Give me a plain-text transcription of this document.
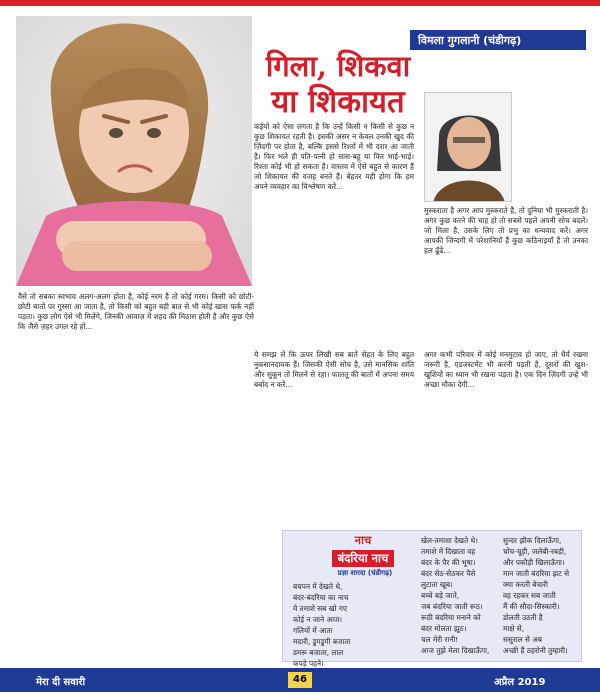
गिला, शिकवा
या शिकायत
विमला गुगलानी (चंडीगढ़)

कईयों को ऐसा लगता है कि उन्हें किसी न किसी से कुछ न कुछ शिकायत रहती है। इसकी असर न केवल उनकी खुद की ज़िंदगी पर होता है, बल्कि इससे रिश्तों में भी दरार आ जाती है। फिर भले ही पति-पत्नी हो सास-बहू या फिर भाई-भाई। रिश्ता कोई भी हो सकता है। वास्तव में ऐसे बहुत से कारण हैं जो शिकायत की वजह बनते हैं। बेहतर यही होगा कि हम अपने व्यवहार का विश्लेषण करें...

मुस्कराता है अगर आप मुस्कराते हैं, तो दुनिया भी मुस्कराती है। अगर कुछ करने की चाह हो तो सबसे पहले अपनी सोच बदलें। जो मिला है, उसके लिए तो प्रभु का धन्यवाद करें। अगर आपकी जिन्दगी में परेशानियाँ हैं कुछ कठिनाइयाँ हैं तो उनका हल ढूँढें...

वैसे तो सबका स्वभाव अलग-अलग होता है, कोई नरम है तो कोई गरम। किसी को छोटी-छोटी बातों पर गुस्सा आ जाता है, तो किसी को बहुत बड़ी बात से भी कोई खास फर्क नहीं पड़ता। कुछ लोग ऐसे भी मिलेंगे, जिनकी आवाज़ में शहद की मिठास होती है और कुछ ऐसे कि जैसे ज़हर उगल रहे हों...

ये समझ लें कि ऊपर लिखी सब बातें सेहत के लिए बहुत नुकसानदायक हैं। जिसकी ऐसी सोच है, उसे मानसिक शांति और सुकून तो मिलने से रहा। फालतू की बातों में अपना समय बर्बाद न करें...

अगर कभी परिवार में कोई मनमुटाव हो जाए, तो धैर्य रखना जरूरी है, एडजस्टमेंट भी करनी पड़ती है, दूसरों की खुश-खुशियों का ध्यान भी रखना पड़ता है। एक दिन ज़िंदगी उन्हें भी अच्छा मौका देगी...

नाच
बंदरिया नाच
प्रज्ञा शारदा (चंडीगढ़)
बचपन में देखते थे,
बंदर-बंदरिया का नाच
ये तमाशे सब खो गए
कोई न जाने आज।
गलियों में आता
मदारी, डुगडुगी बजाता
डमरू बजाता, लाल
कपड़े पहने।
खेल-तमाशा देखते थे।
तमाशे में दिखाता वह
बंदर के पैर की भूषा।
बंदर सेठ-सेठकर पैसे
लुटाता खूब।
बच्चे बड़े जाते,
जब बंदरिया जाती रूठ।
रूठी बंदरिया मनाने को
बंदर मोलता झूठ।
चल मेरी रानी!
आज तुझे मेला दिखाऊँगा,
सुन्दर झीक दिलाऊँगा,
चोंच-चूड़ी, जलेबी-रबड़ी,
और पकौड़ी खिलाऊँगा।
मान जाती बंदरिया झट से
क्या करती बेचारी
वह रहकर सब जाती
मैं की सौदा-सिस्कारी।
डोलती उठती है
माक्षे से,
ससुराल से अब
अच्छी हैं ठहरोनी तुम्हारी।
मेरा दी सवारी	46	अप्रैल 2019
